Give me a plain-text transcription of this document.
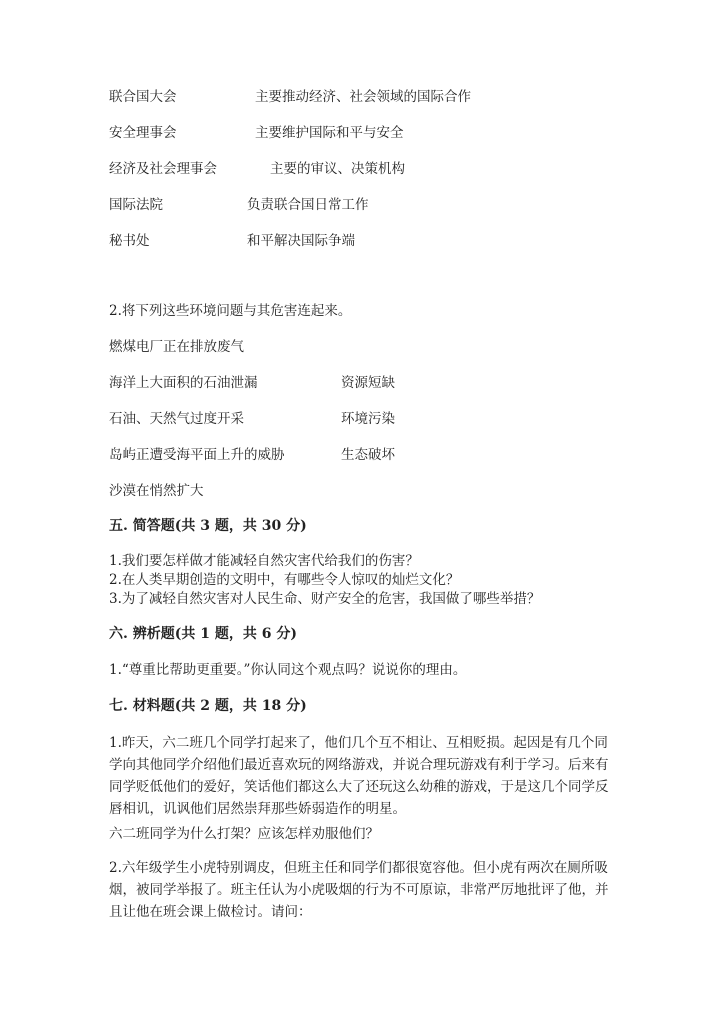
联合国大会	主要推动经济、社会领域的国际合作
安全理事会	主要维护国际和平与安全
经济及社会理事会	主要的审议、决策机构
国际法院	负责联合国日常工作
秘书处	和平解决国际争端
2.将下列这些环境问题与其危害连起来。
燃煤电厂正在排放废气
海洋上大面积的石油泄漏	资源短缺
石油、天然气过度开采	环境污染
岛屿正遭受海平面上升的威胁	生态破坏
沙漠在悄然扩大
五. 简答题(共 3 题，共 30 分)
1.我们要怎样做才能减轻自然灾害代给我们的伤害？
2.在人类早期创造的文明中，有哪些令人惊叹的灿烂文化？
3.为了减轻自然灾害对人民生命、财产安全的危害，我国做了哪些举措？
六. 辨析题(共 1 题，共 6 分)
1.“尊重比帮助更重要。”你认同这个观点吗？说说你的理由。
七. 材料题(共 2 题，共 18 分)
1.昨天，六二班几个同学打起来了，他们几个互不相让、互相贬损。起因是有几个同学向其他同学介绍他们最近喜欢玩的网络游戏，并说合理玩游戏有利于学习。后来有同学贬低他们的爱好，笑话他们都这么大了还玩这么幼稚的游戏，于是这几个同学反唇相讥，讥讽他们居然崇拜那些娇弱造作的明星。
六二班同学为什么打架？应该怎样劝服他们？
2.六年级学生小虎特别调皮，但班主任和同学们都很宽容他。但小虎有两次在厕所吸烟，被同学举报了。班主任认为小虎吸烟的行为不可原谅，非常严厉地批评了他，并且让他在班会课上做检讨。请问：
